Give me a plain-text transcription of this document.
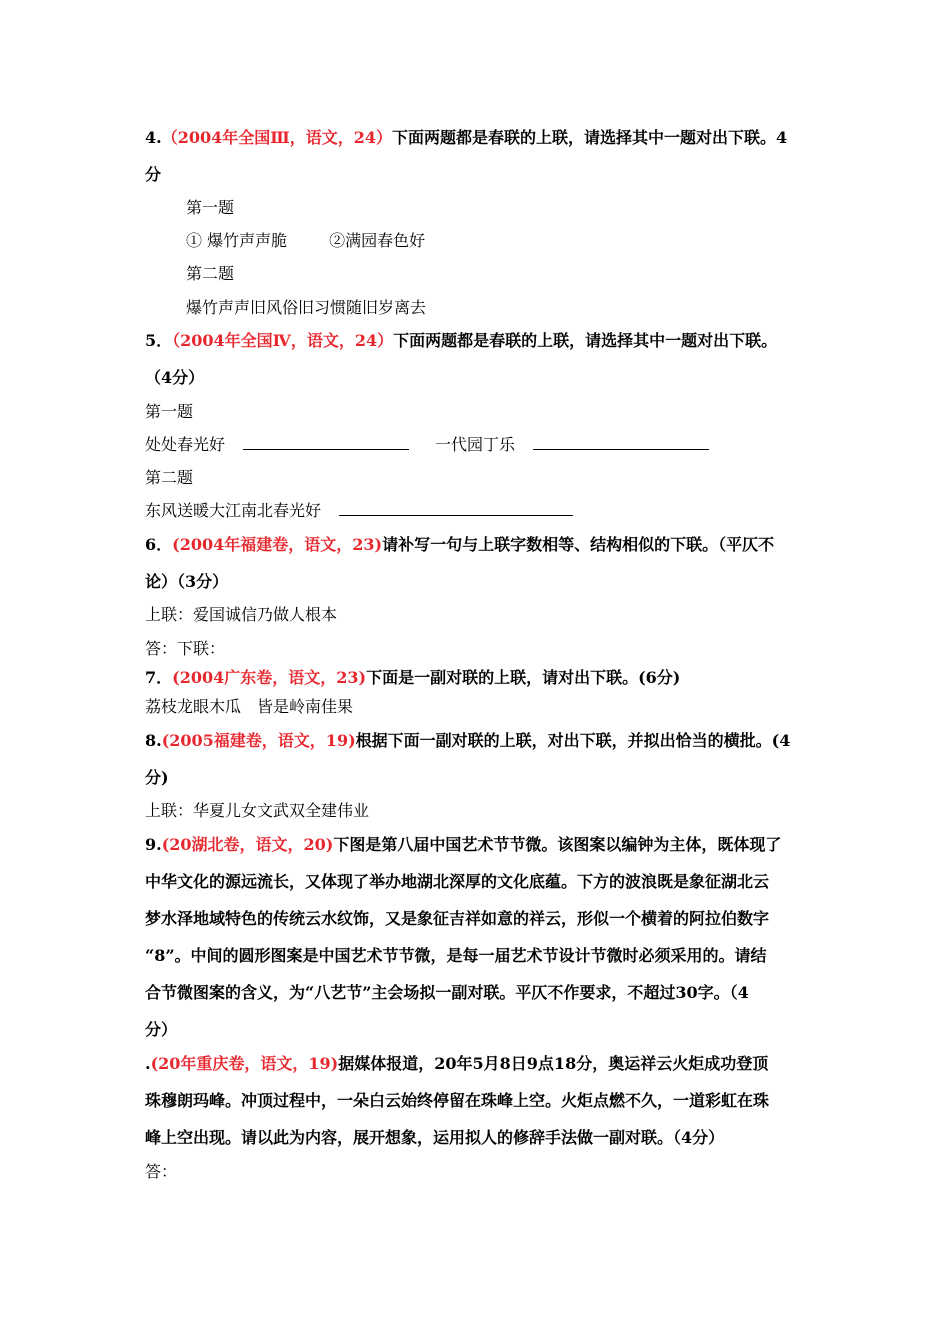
4.（2004年全国Ⅲ，语文，24）下面两题都是春联的上联，请选择其中一题对出下联。4
分
第一题
① 爆竹声声脆	②满园春色好
第二题
爆竹声声旧风俗旧习惯随旧岁离去
5．（2004年全国Ⅳ，语文，24）下面两题都是春联的上联，请选择其中一题对出下联。
（4分）
第一题
处处春光好	一代园丁乐
第二题
东风送暖大江南北春光好
6．(2004年福建卷，语文，23)请补写一句与上联字数相等、结构相似的下联。（平仄不
论）（3分）
上联：爱国诚信乃做人根本
答：下联：
7．(2004广东卷，语文，23)下面是一副对联的上联，请对出下联。(6分)
荔枝龙眼木瓜　皆是岭南佳果
8.(2005福建卷，语文，19)根据下面一副对联的上联，对出下联，并拟出恰当的横批。(4
分)
上联：华夏儿女文武双全建伟业
9.(20湖北卷，语文，20)下图是第八届中国艺术节节微。该图案以编钟为主体，既体现了
中华文化的源远流长，又体现了举办地湖北深厚的文化底蕴。下方的波浪既是象征湖北云
梦水泽地域特色的传统云水纹饰，又是象征吉祥如意的祥云，形似一个横着的阿拉伯数字
“8”。中间的圆形图案是中国艺术节节微，是每一届艺术节设计节微时必须采用的。请结
合节微图案的含义，为“八艺节”主会场拟一副对联。平仄不作要求，不超过30字。（4
分）
.(20年重庆卷，语文，19)据媒体报道，20年5月8日9点18分，奥运祥云火炬成功登顶
珠穆朗玛峰。冲顶过程中，一朵白云始终停留在珠峰上空。火炬点燃不久，一道彩虹在珠
峰上空出现。请以此为内容，展开想象，运用拟人的修辞手法做一副对联。（4分）
答：
